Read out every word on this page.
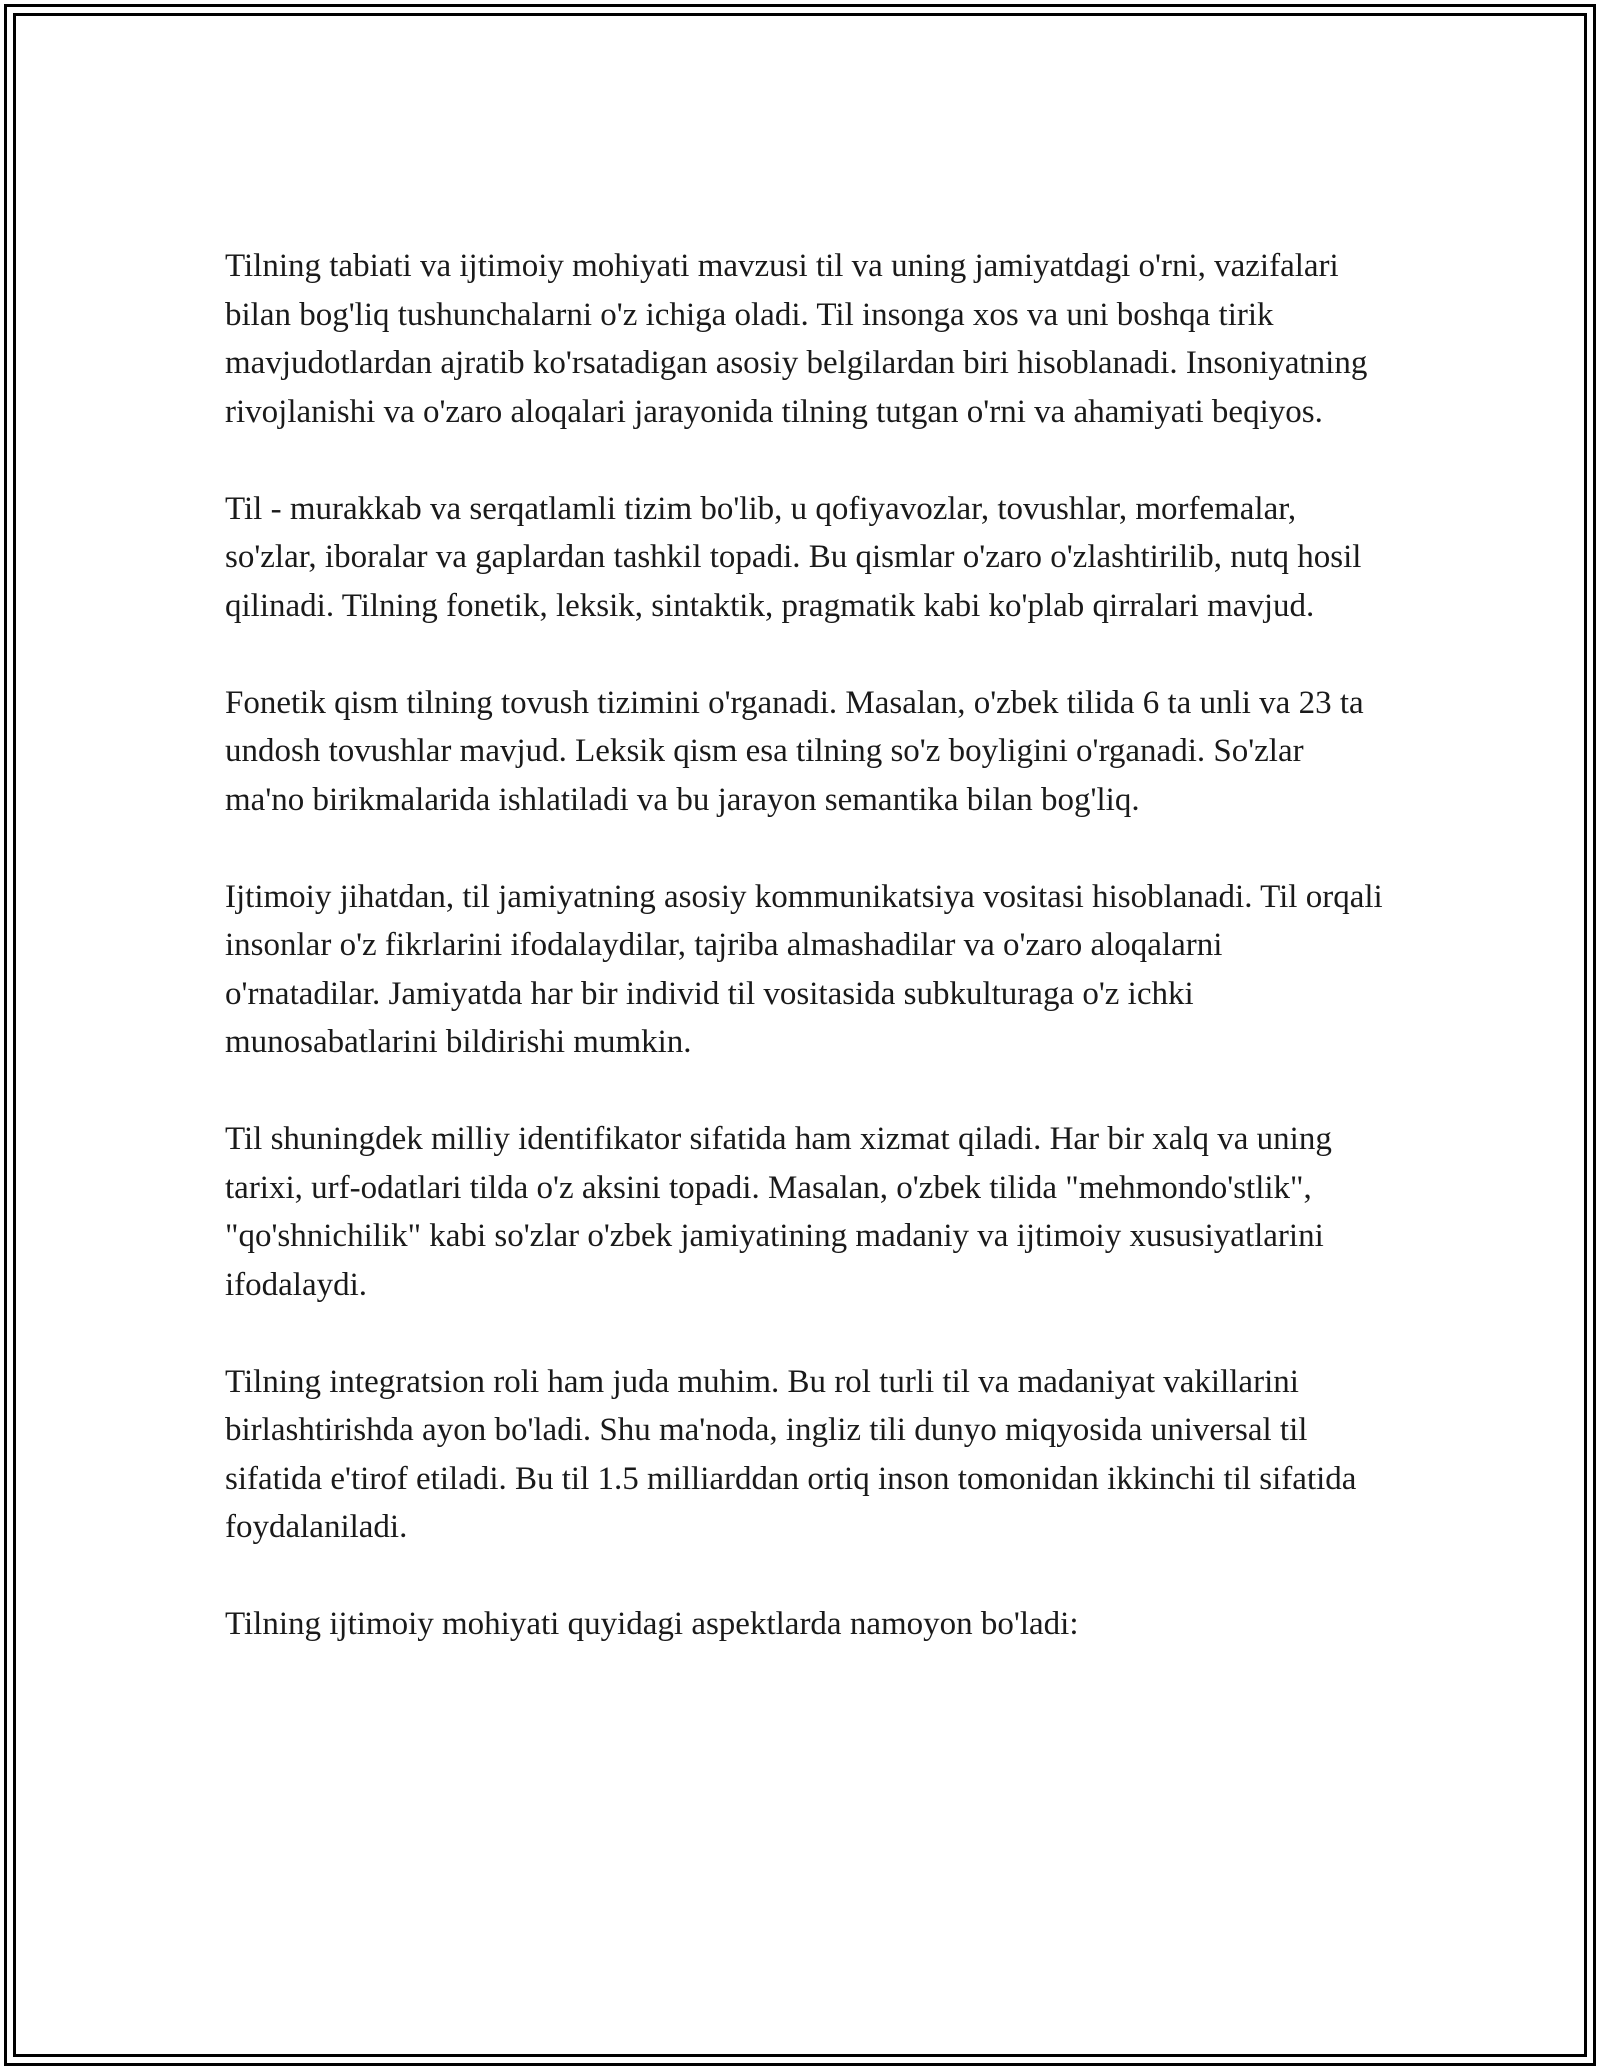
Tilning tabiati va ijtimoiy mohiyati mavzusi til va uning jamiyatdagi o'rni, vazifalari bilan bog'liq tushunchalarni o'z ichiga oladi. Til insonga xos va uni boshqa tirik mavjudotlardan ajratib ko'rsatadigan asosiy belgilardan biri hisoblanadi. Insoniyatning rivojlanishi va o'zaro aloqalari jarayonida tilning tutgan o'rni va ahamiyati beqiyos.

Til - murakkab va serqatlamli tizim bo'lib, u qofiyavozlar, tovushlar, morfemalar, so'zlar, iboralar va gaplardan tashkil topadi. Bu qismlar o'zaro o'zlashtirilib, nutq hosil qilinadi. Tilning fonetik, leksik, sintaktik, pragmatik kabi ko'plab qirralari mavjud.

Fonetik qism tilning tovush tizimini o'rganadi. Masalan, o'zbek tilida 6 ta unli va 23 ta undosh tovushlar mavjud. Leksik qism esa tilning so'z boyligini o'rganadi. So'zlar ma'no birikmalarida ishlatiladi va bu jarayon semantika bilan bog'liq.

Ijtimoiy jihatdan, til jamiyatning asosiy kommunikatsiya vositasi hisoblanadi. Til orqali insonlar o'z fikrlarini ifodalaydilar, tajriba almashadilar va o'zaro aloqalarni o'rnatadilar. Jamiyatda har bir individ til vositasida subkulturaga o'z ichki munosabatlarini bildirishi mumkin.

Til shuningdek milliy identifikator sifatida ham xizmat qiladi. Har bir xalq va uning tarixi, urf-odatlari tilda o'z aksini topadi. Masalan, o'zbek tilida "mehmondo'stlik", "qo'shnichilik" kabi so'zlar o'zbek jamiyatining madaniy va ijtimoiy xususiyatlarini ifodalaydi.

Tilning integratsion roli ham juda muhim. Bu rol turli til va madaniyat vakillarini birlashtirishda ayon bo'ladi. Shu ma'noda, ingliz tili dunyo miqyosida universal til sifatida e'tirof etiladi. Bu til 1.5 milliarddan ortiq inson tomonidan ikkinchi til sifatida foydalaniladi.

Tilning ijtimoiy mohiyati quyidagi aspektlarda namoyon bo'ladi:
